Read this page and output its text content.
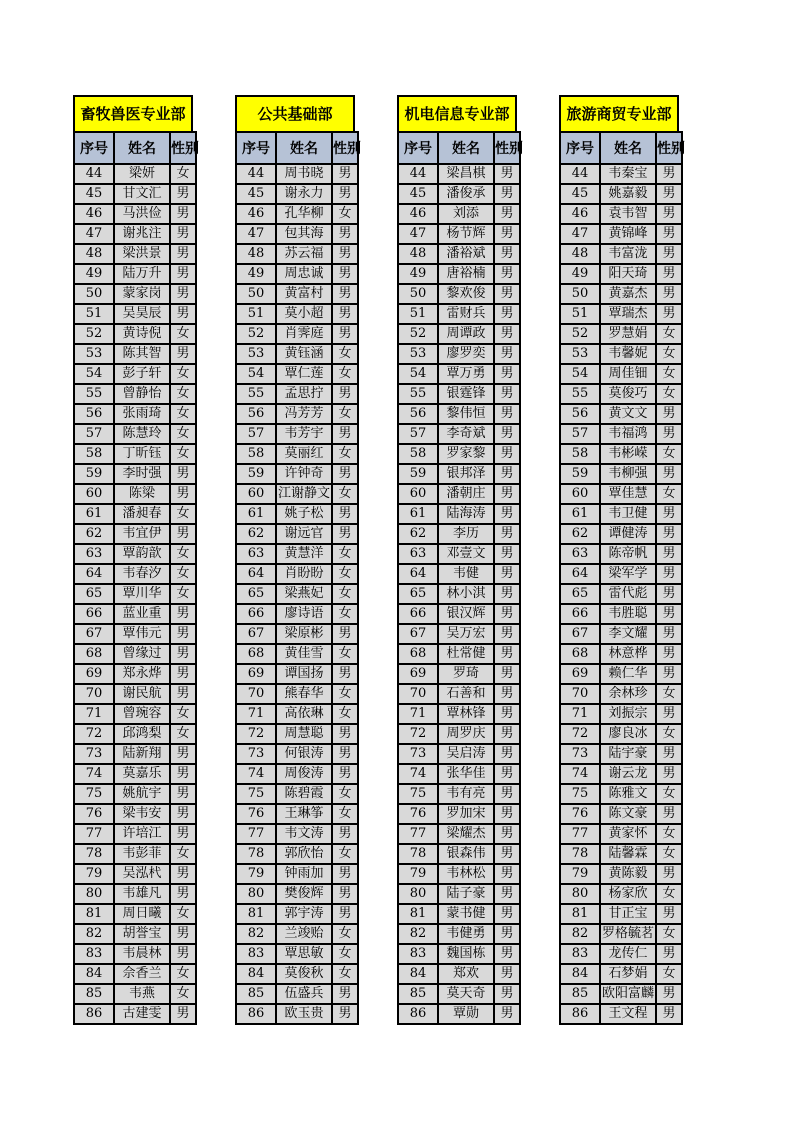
畜牧兽医专业部
序号	姓名	性别
44	梁妍	女
45	甘文汇	男
46	马洪俭	男
47	谢兆注	男
48	梁洪景	男
49	陆万升	男
50	蒙家岗	男
51	吴昊辰	男
52	黄诗倪	女
53	陈其智	男
54	彭子轩	女
55	曾静怡	女
56	张雨琦	女
57	陈慧玲	女
58	丁昕钰	女
59	李时强	男
60	陈梁	男
61	潘昶春	女
62	韦宜伊	男
63	覃韵歆	女
64	韦春汐	女
65	覃川华	女
66	蓝业重	男
67	覃伟元	男
68	曾缘过	男
69	郑永烨	男
70	谢民航	男
71	曾琬容	女
72	邱鸿梨	女
73	陆新翔	男
74	莫嘉乐	男
75	姚航宇	男
76	梁韦安	男
77	许培江	男
78	韦彭菲	女
79	吴泓杙	男
80	韦雄凡	男
81	周日曦	女
82	胡誉宝	男
83	韦晨林	男
84	佘香兰	女
85	韦燕	女
86	古建雯	男
公共基础部
序号	姓名	性别
44	周书晓	男
45	谢永力	男
46	孔华柳	女
47	包其海	男
48	苏云福	男
49	周忠诚	男
50	黄富村	男
51	莫小超	男
52	肖霁庭	男
53	黄钰涵	女
54	覃仁莲	女
55	孟思拧	男
56	冯芳芳	女
57	韦芳宇	男
58	莫丽红	女
59	许钟奇	男
60	江谢静文	女
61	姚子松	男
62	谢远官	男
63	黄慧洋	女
64	肖盼盼	女
65	梁燕妃	女
66	廖诗语	女
67	梁原彬	男
68	黄佳雪	女
69	谭国扬	男
70	熊春华	女
71	高依琳	女
72	周慧聪	男
73	何银涛	男
74	周俊涛	男
75	陈碧霞	女
76	王琳筝	女
77	韦文涛	男
78	郭欣怡	女
79	钟雨加	男
80	樊俊辉	男
81	郭宇涛	男
82	兰竣贻	女
83	覃思敏	女
84	莫俊秋	女
85	伍盛兵	男
86	欧玉贵	男
机电信息专业部
序号	姓名	性别
44	梁昌棋	男
45	潘俊承	男
46	刘添	男
47	杨节辉	男
48	潘裕斌	男
49	唐裕楠	男
50	黎欢俊	男
51	雷财兵	男
52	周谭政	男
53	廖罗奕	男
54	覃万勇	男
55	银霆锋	男
56	黎伟恒	男
57	李奇斌	男
58	罗家黎	男
59	银邦泽	男
60	潘朝庄	男
61	陆海涛	男
62	李历	男
63	邓壹文	男
64	韦健	男
65	林小淇	男
66	银汉辉	男
67	吴万宏	男
68	杜常健	男
69	罗琦	男
70	石善和	男
71	覃林锋	男
72	周罗庆	男
73	吴启涛	男
74	张华佳	男
75	韦有亮	男
76	罗加宋	男
77	梁耀杰	男
78	银森伟	男
79	韦林松	男
80	陆子豪	男
81	蒙书健	男
82	韦健勇	男
83	魏国栋	男
84	郑欢	男
85	莫天奇	男
86	覃勋	男
旅游商贸专业部
序号	姓名	性别
44	韦秦宝	男
45	姚嘉毅	男
46	袁韦智	男
47	黄锦峰	男
48	韦富泷	男
49	阳天琦	男
50	黄嘉杰	男
51	覃瑞杰	男
52	罗慧娟	女
53	韦馨妮	女
54	周佳钿	女
55	莫俊巧	女
56	黄文文	男
57	韦福鸿	男
58	韦彬嵘	女
59	韦柳强	男
60	覃佳慧	女
61	韦卫健	男
62	谭健涛	男
63	陈帝帆	男
64	梁军学	男
65	雷代彪	男
66	韦胜聪	男
67	李文耀	男
68	林意桦	男
69	赖仁华	男
70	余林珍	女
71	刘振宗	男
72	廖良冰	女
73	陆宇豪	男
74	谢云龙	男
75	陈雅文	女
76	陈文豪	男
77	黄家怀	女
78	陆馨霖	女
79	黄陈毅	男
80	杨家欣	女
81	甘正宝	男
82	罗格毓茗	女
83	龙传仁	男
84	石梦娟	女
85	欧阳富麟	男
86	王文程	男
